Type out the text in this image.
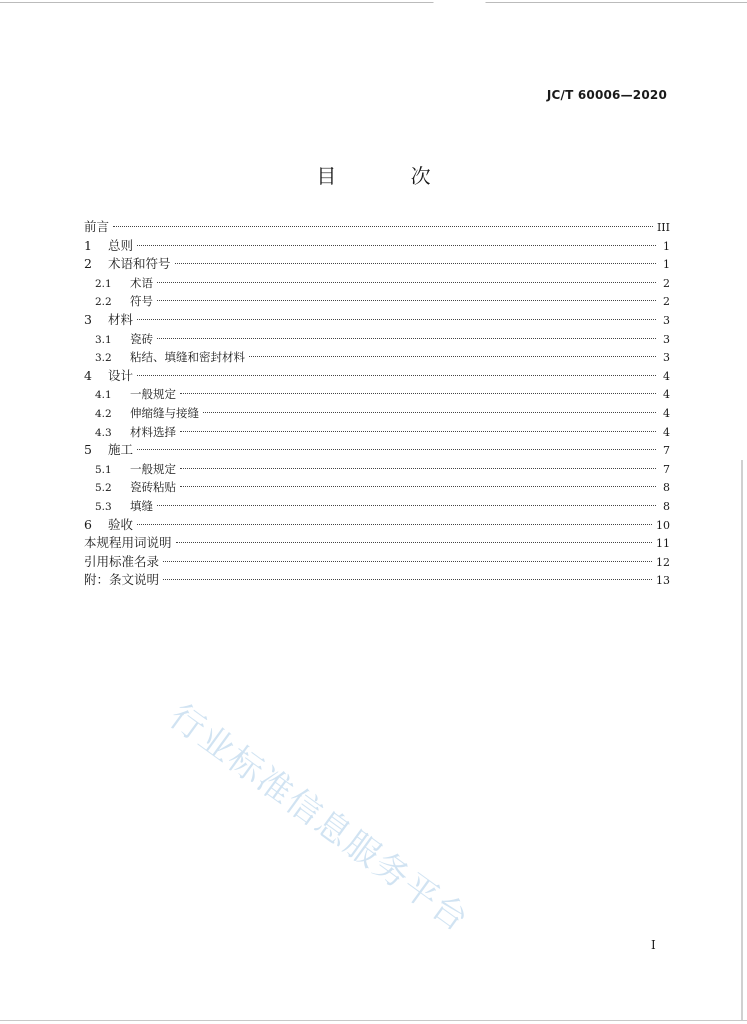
JC/T 60006—2020
目 次
前言	III
1	总则	1
2	术语和符号	1
2.1	术语	2
2.2	符号	2
3	材料	3
3.1	瓷砖	3
3.2	粘结、填缝和密封材料	3
4	设计	4
4.1	一般规定	4
4.2	伸缩缝与接缝	4
4.3	材料选择	4
5	施工	7
5.1	一般规定	7
5.2	瓷砖粘贴	8
5.3	填缝	8
6	验收	10
本规程用词说明	11
引用标准名录	12
附：条文说明	13
行业标准信息服务平台
I
